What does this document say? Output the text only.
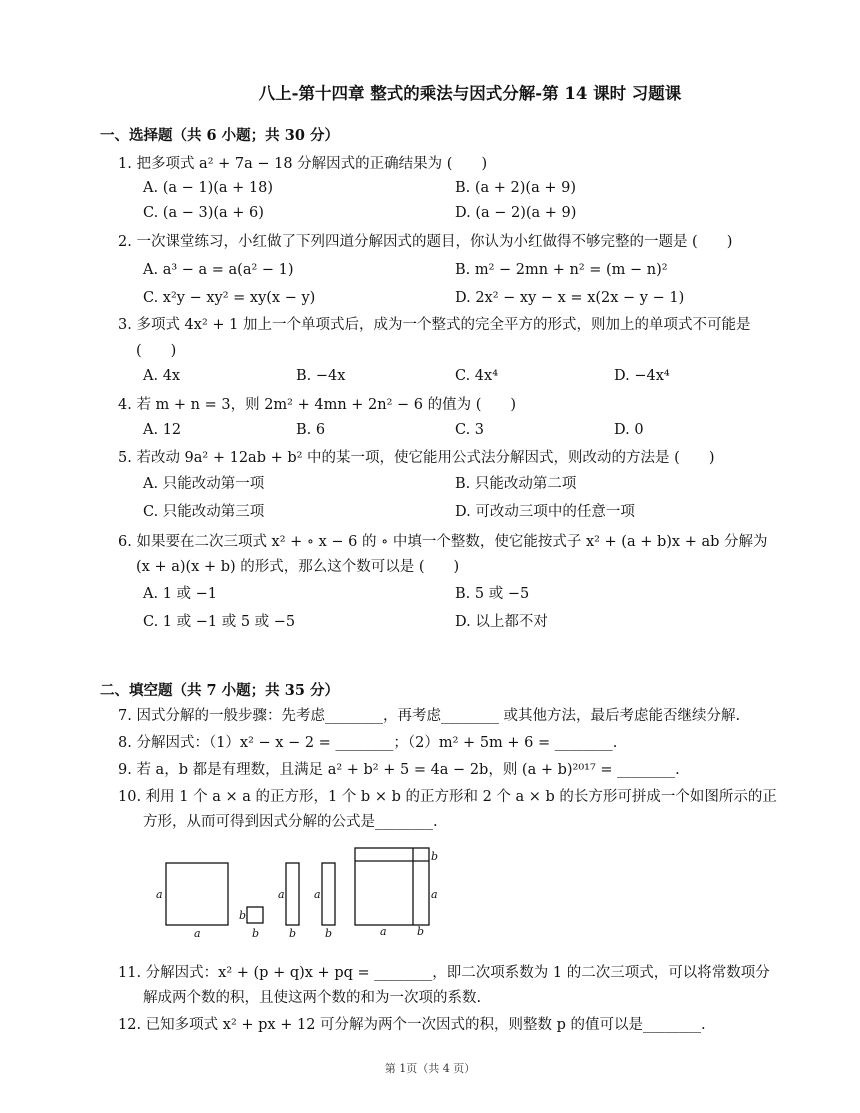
八上-第十四章 整式的乘法与因式分解-第 14 课时 习题课
一、选择题（共 6 小题；共 30 分）
1. 把多项式 a² + 7a − 18 分解因式的正确结果为 (　　)
A. (a − 1)(a + 18)	B. (a + 2)(a + 9)
C. (a − 3)(a + 6)	D. (a − 2)(a + 9)
2. 一次课堂练习，小红做了下列四道分解因式的题目，你认为小红做得不够完整的一题是 (　　)
A. a³ − a = a(a² − 1)	B. m² − 2mn + n² = (m − n)²
C. x²y − xy² = xy(x − y)	D. 2x² − xy − x = x(2x − y − 1)
3. 多项式 4x² + 1 加上一个单项式后，成为一个整式的完全平方的形式，则加上的单项式不可能是
(　　)
A. 4x	B. −4x	C. 4x⁴	D. −4x⁴
4. 若 m + n = 3，则 2m² + 4mn + 2n² − 6 的值为 (　　)
A. 12	B. 6	C. 3	D. 0
5. 若改动 9a² + 12ab + b² 中的某一项，使它能用公式法分解因式，则改动的方法是 (　　)
A. 只能改动第一项	B. 只能改动第二项
C. 只能改动第三项	D. 可改动三项中的任意一项
6. 如果要在二次三项式 x² + ∘ x − 6 的 ∘ 中填一个整数，使它能按式子 x² + (a + b)x + ab 分解为
(x + a)(x + b) 的形式，那么这个数可以是 (　　)
A. 1 或 −1	B. 5 或 −5
C. 1 或 −1 或 5 或 −5	D. 以上都不对
二、填空题（共 7 小题；共 35 分）
7. 因式分解的一般步骤：先考虑________，再考虑________ 或其他方法，最后考虑能否继续分解.
8. 分解因式：（1）x² − x − 2 = ________；（2）m² + 5m + 6 = ________.
9. 若 a，b 都是有理数，且满足 a² + b² + 5 = 4a − 2b，则 (a + b)²⁰¹⁷ = ________.
10. 利用 1 个 a × a 的正方形，1 个 b × b 的正方形和 2 个 a × b 的长方形可拼成一个如图所示的正
方形，从而可得到因式分解的公式是________.
a
a
b
b
a
b
a
b
b
a
a	b
11. 分解因式：x² + (p + q)x + pq = ________，即二次项系数为 1 的二次三项式，可以将常数项分
解成两个数的积，且使这两个数的和为一次项的系数.
12. 已知多项式 x² + px + 12 可分解为两个一次因式的积，则整数 p 的值可以是________.
第 1页（共 4 页）
